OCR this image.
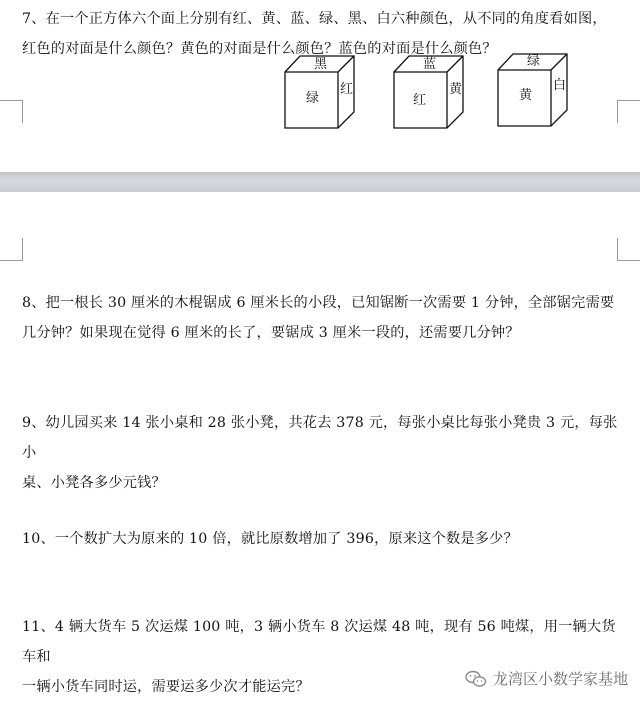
7、在一个正方体六个面上分别有红、黄、蓝、绿、黑、白六种颜色，从不同的角度看如图，
红色的对面是什么颜色？黄色的对面是什么颜色？蓝色的对面是什么颜色？
黑
绿
红
蓝
红
黄
绿
黄
白
8、把一根长 30 厘米的木棍锯成 6 厘米长的小段，已知锯断一次需要 1 分钟，全部锯完需要
几分钟？如果现在觉得 6 厘米的长了，要锯成 3 厘米一段的，还需要几分钟？
9、幼儿园买来 14 张小桌和 28 张小凳，共花去 378 元，每张小桌比每张小凳贵 3 元，每张小
桌、小凳各多少元钱？
10、一个数扩大为原来的 10 倍，就比原数增加了 396，原来这个数是多少？
11、4 辆大货车 5 次运煤 100 吨，3 辆小货车 8 次运煤 48 吨，现有 56 吨煤，用一辆大货车和
一辆小货车同时运，需要运多少次才能运完？	龙湾区小数学家基地
